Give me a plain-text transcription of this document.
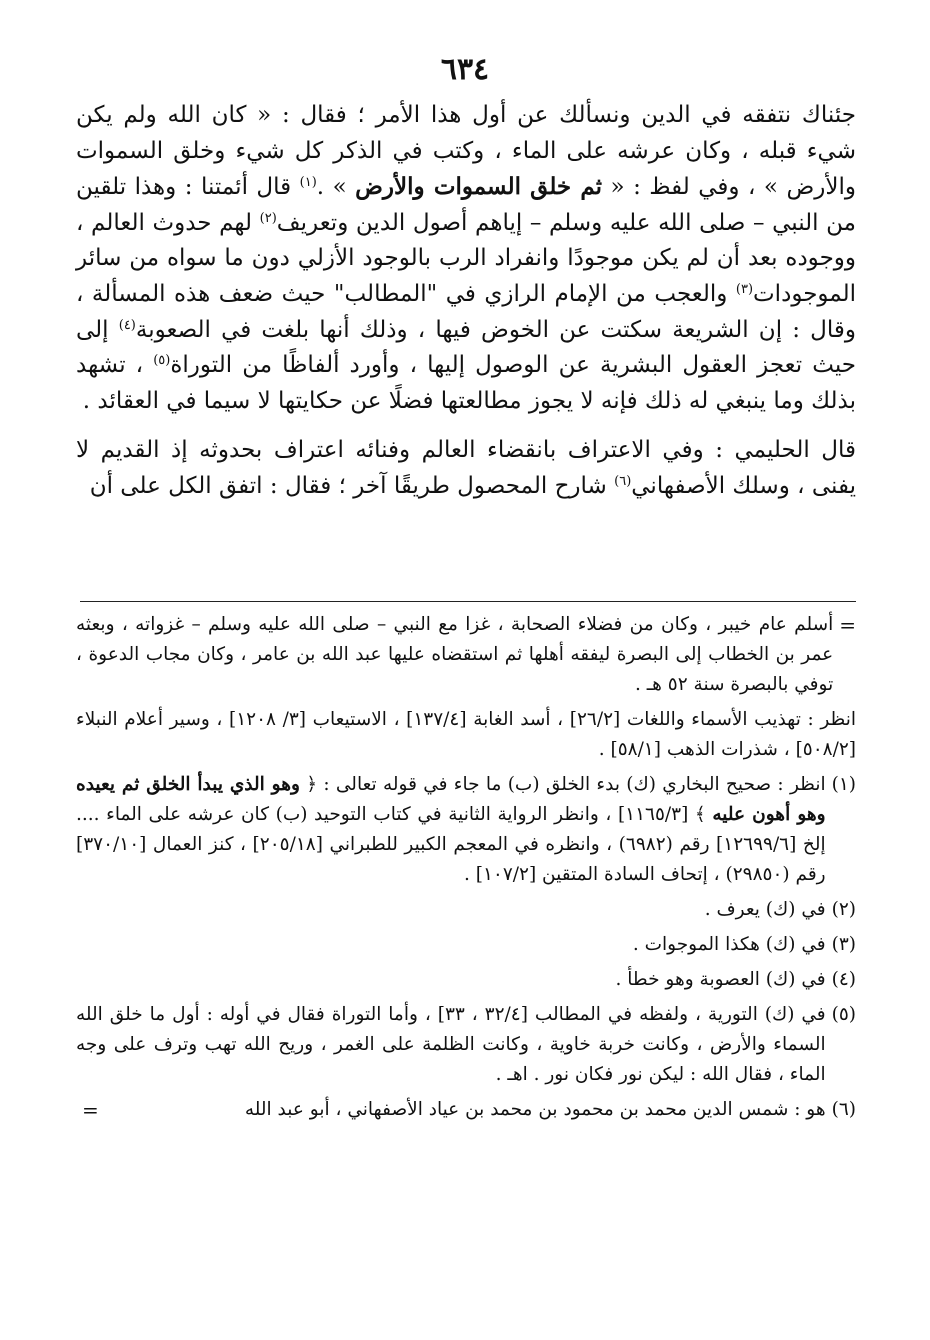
٦٣٤

جئناك نتفقه في الدين ونسألك عن أول هذا الأمر ؛ فقال : « كان الله ولم يكن شيء قبله ، وكان عرشه على الماء ، وكتب في الذكر كل شيء وخلق السموات والأرض » ، وفي لفظ : « ثم خلق السموات والأرض » .$^{(١)}$ قال أئمتنا : وهذا تلقين من النبي – صلى الله عليه وسلم – إياهم أصول الدين وتعريف$^{(٢)}$ لهم حدوث العالم ، ووجوده بعد أن لم يكن موجودًا وانفراد الرب بالوجود الأزلي دون ما سواه من سائر الموجودات$^{(٣)}$ والعجب من الإمام الرازي في "المطالب" حيث ضعف هذه المسألة ، وقال : إن الشريعة سكتت عن الخوض فيها ، وذلك أنها بلغت في الصعوبة$^{(٤)}$ إلى حيث تعجز العقول البشرية عن الوصول إليها ، وأورد ألفاظًا من التوراة$^{(٥)}$ ، تشهد بذلك وما ينبغي له ذلك فإنه لا يجوز مطالعتها فضلًا عن حكايتها لا سيما في العقائد .

قال الحليمي : وفي الاعتراف بانقضاء العالم وفنائه اعتراف بحدوثه إذ القديم لا يفنى ، وسلك الأصفهاني$^{(٦)}$ شارح المحصول طريقًا آخر ؛ فقال : اتفق الكل على أن

=
أسلم عام خيبر ، وكان من فضلاء الصحابة ، غزا مع النبي – صلى الله عليه وسلم – غزواته ، وبعثه عمر بن الخطاب إلى البصرة ليفقه أهلها ثم استقضاه عليها عبد الله بن عامر ، وكان مجاب الدعوة ، توفي بالبصرة سنة ٥٢ هـ .
انظر : تهذيب الأسماء واللغات [٢٦/٢] ، أسد الغابة [١٣٧/٤] ، الاستيعاب [٣/ ١٢٠٨] ، وسير أعلام النبلاء [٥٠٨/٢] ، شذرات الذهب [٥٨/١] .
(١)
انظر : صحيح البخاري (ك) بدء الخلق (ب) ما جاء في قوله تعالى : ﴿ وهو الذي يبدأ الخلق ثم يعيده وهو أهون عليه ﴾ [١١٦٥/٣] ، وانظر الرواية الثانية في كتاب التوحيد (ب) كان عرشه على الماء .... إلخ [١٢٦٩٩/٦] رقم (٦٩٨٢) ، وانظره في المعجم الكبير للطبراني [٢٠٥/١٨] ، كنز العمال [٣٧٠/١٠] رقم (٢٩٨٥٠) ، إتحاف السادة المتقين [١٠٧/٢] .
(٢)
في (ك) يعرف .
(٣)
في (ك) هكذا الموجوات .
(٤)
في (ك) العصوبة وهو خطأ .
(٥)
في (ك) التورية ، ولفظه في المطالب [٣٢/٤ ، ٣٣] ، وأما التوراة فقال في أوله : أول ما خلق الله السماء والأرض ، وكانت خربة خاوية ، وكانت الظلمة على الغمر ، وريح الله تهب وترف على وجه الماء ، فقال الله : ليكن نور فكان نور . اهـ .
(٦)
هو : شمس الدين محمد بن محمود بن محمد بن عياد الأصفهاني ، أبو عبد الله
=
